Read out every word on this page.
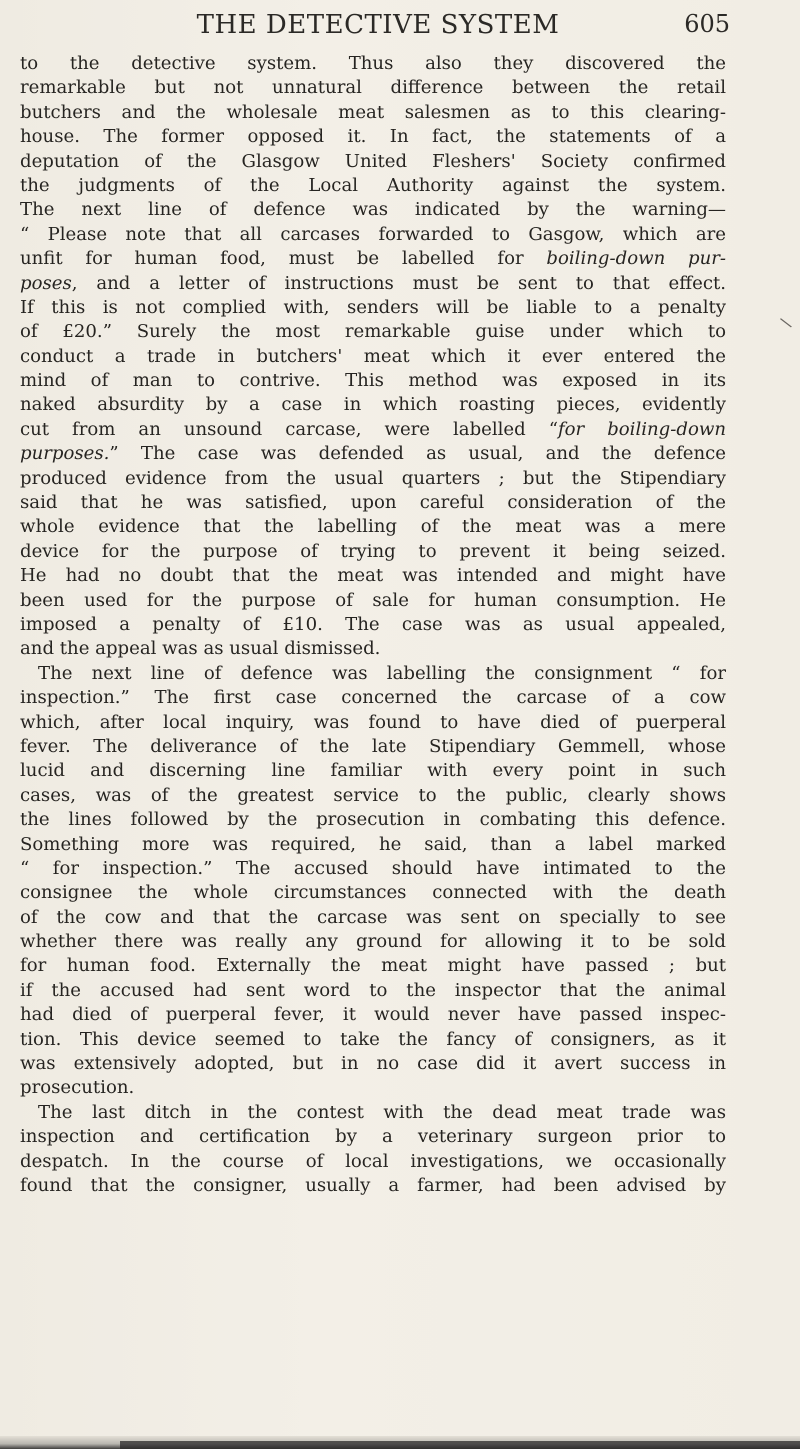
THE DETECTIVE SYSTEM	605
to the detective system. Thus also they discovered the
remarkable but not unnatural difference between the retail
butchers and the wholesale meat salesmen as to this clearing-
house. The former opposed it. In fact, the statements of a
deputation of the Glasgow United Fleshers' Society confirmed
the judgments of the Local Authority against the system.
The next line of defence was indicated by the warning—
“ Please note that all carcases forwarded to Gasgow, which are
unfit for human food, must be labelled for boiling-down pur-
poses, and a letter of instructions must be sent to that effect.
If this is not complied with, senders will be liable to a penalty
of £20.” Surely the most remarkable guise under which to
conduct a trade in butchers' meat which it ever entered the
mind of man to contrive. This method was exposed in its
naked absurdity by a case in which roasting pieces, evidently
cut from an unsound carcase, were labelled “for boiling-down
purposes.” The case was defended as usual, and the defence
produced evidence from the usual quarters ; but the Stipendiary
said that he was satisfied, upon careful consideration of the
whole evidence that the labelling of the meat was a mere
device for the purpose of trying to prevent it being seized.
He had no doubt that the meat was intended and might have
been used for the purpose of sale for human consumption. He
imposed a penalty of £10. The case was as usual appealed,
and the appeal was as usual dismissed.
The next line of defence was labelling the consignment “ for
inspection.” The first case concerned the carcase of a cow
which, after local inquiry, was found to have died of puerperal
fever. The deliverance of the late Stipendiary Gemmell, whose
lucid and discerning line familiar with every point in such
cases, was of the greatest service to the public, clearly shows
the lines followed by the prosecution in combating this defence.
Something more was required, he said, than a label marked
“ for inspection.” The accused should have intimated to the
consignee the whole circumstances connected with the death
of the cow and that the carcase was sent on specially to see
whether there was really any ground for allowing it to be sold
for human food. Externally the meat might have passed ; but
if the accused had sent word to the inspector that the animal
had died of puerperal fever, it would never have passed inspec-
tion. This device seemed to take the fancy of consigners, as it
was extensively adopted, but in no case did it avert success in
prosecution.
The last ditch in the contest with the dead meat trade was
inspection and certification by a veterinary surgeon prior to
despatch. In the course of local investigations, we occasionally
found that the consigner, usually a farmer, had been advised by
\
